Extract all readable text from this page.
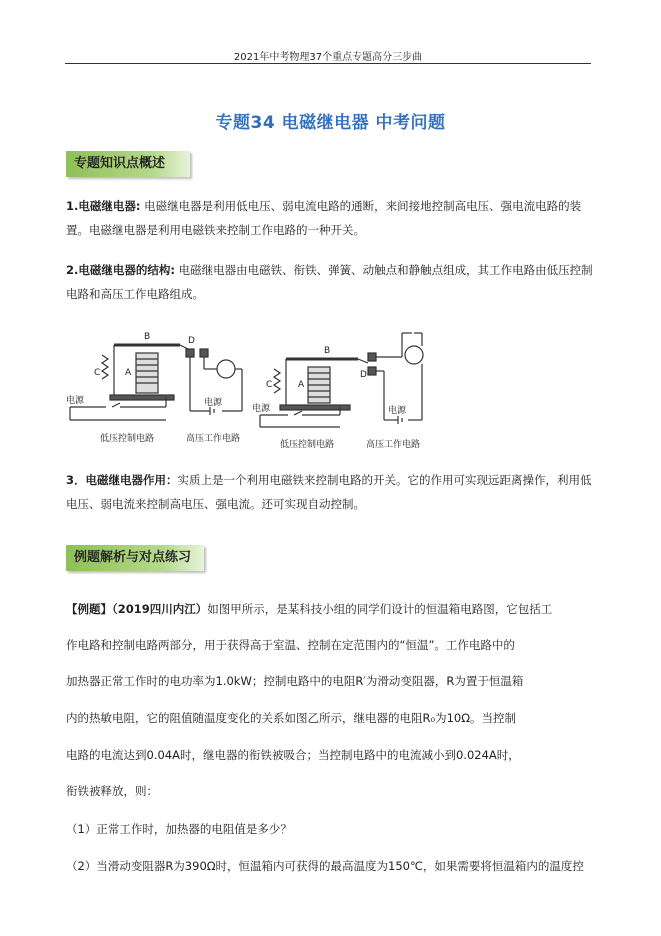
2021年中考物理37个重点专题高分三步曲
专题34 电磁继电器 中考问题
专题知识点概述
1.电磁继电器: 电磁继电器是利用低电压、弱电流电路的通断，来间接地控制高电压、强电流电路的装置。电磁继电器是利用电磁铁来控制工作电路的一种开关。
2.电磁继电器的结构: 电磁继电器由电磁铁、衔铁、弹簧、动触点和静触点组成，其工作电路由低压控制电路和高压工作电路组成。
B	D
C	A
电源	电源
低压控制电路	高压工作电路
B
D
C	A
电源	电源
低压控制电路	高压工作电路
3．电磁继电器作用：实质上是一个利用电磁铁来控制电路的开关。它的作用可实现远距离操作，利用低电压、弱电流来控制高电压、强电流。还可实现自动控制。
例题解析与对点练习
【例题】（2019四川内江）如图甲所示，是某科技小组的同学们设计的恒温箱电路图，它包括工
作电路和控制电路两部分，用于获得高于室温、控制在定范围内的“恒温”。工作电路中的
加热器正常工作时的电功率为1.0kW；控制电路中的电阻R′为滑动变阻器，R为置于恒温箱
内的热敏电阻，它的阻值随温度变化的关系如图乙所示，继电器的电阻R₀为10Ω。当控制
电路的电流达到0.04A时，继电器的衔铁被吸合；当控制电路中的电流减小到0.024A时，
衔铁被释放，则：
（1）正常工作时，加热器的电阻值是多少？
（2）当滑动变阻器R为390Ω时，恒温箱内可获得的最高温度为150℃，如果需要将恒温箱内的温度控
